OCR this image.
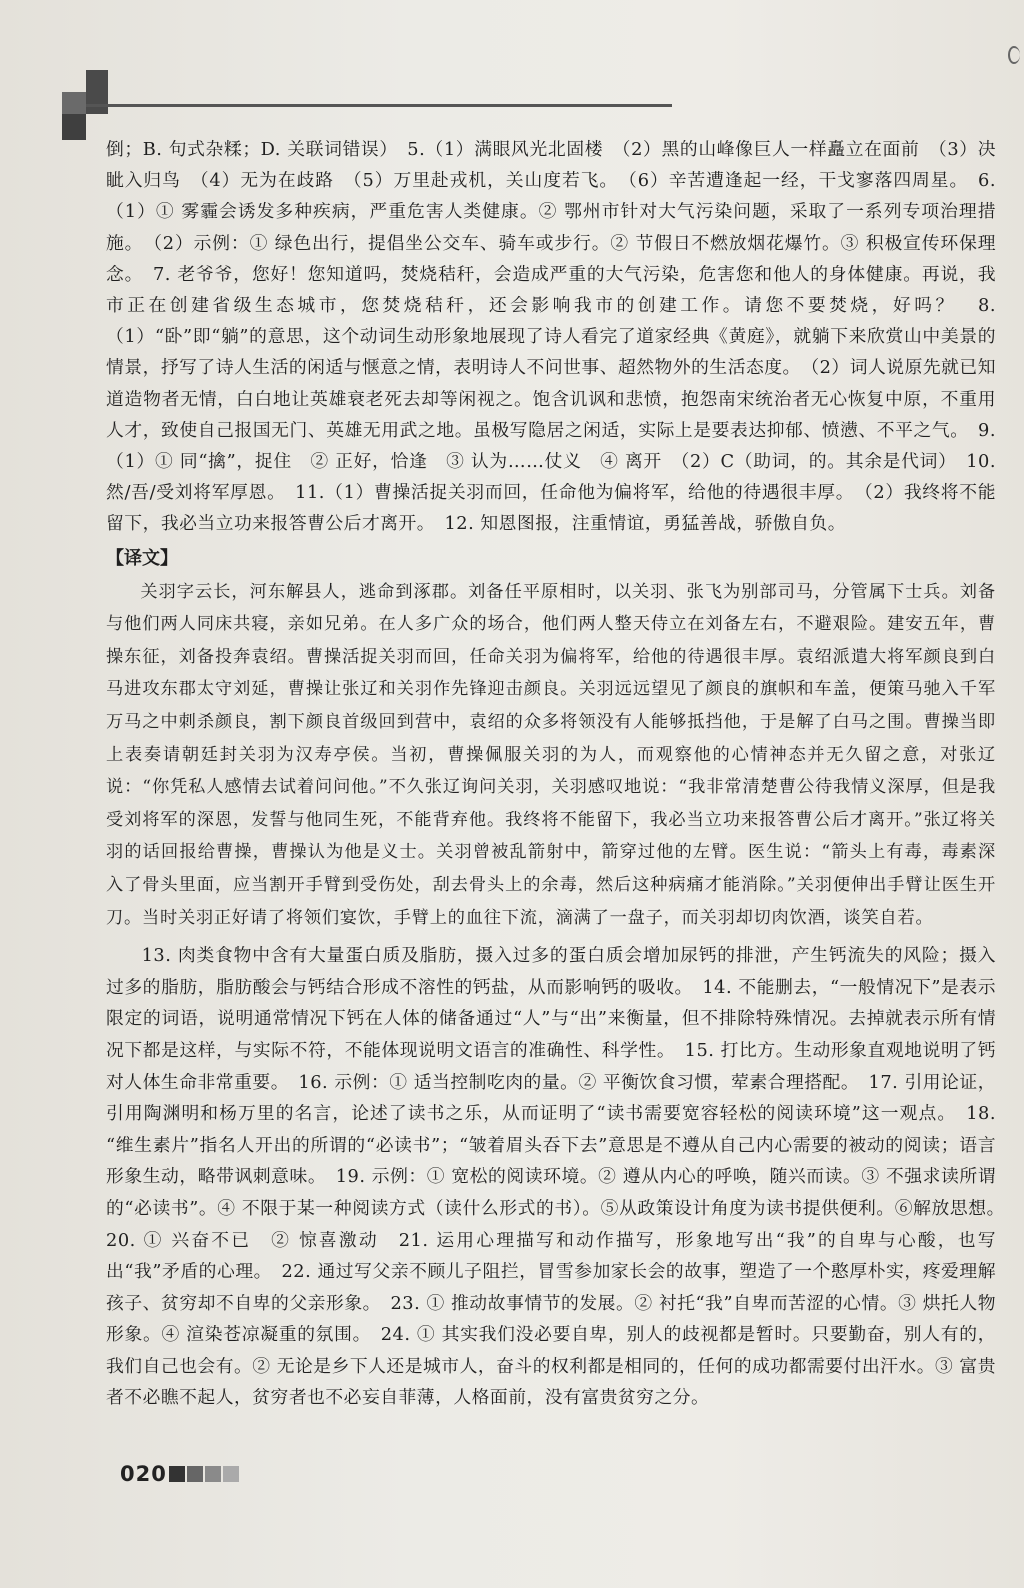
倒；B. 句式杂糅；D. 关联词错误）　5.（1）满眼风光北固楼　（2）黑的山峰像巨人一样矗立在面前　（3）决眦入归鸟　（4）无为在歧路　（5）万里赴戎机，关山度若飞。　（6）辛苦遭逢起一经，干戈寥落四周星。　6.（1）① 雾霾会诱发多种疾病，严重危害人类健康。② 鄂州市针对大气污染问题，采取了一系列专项治理措施。　（2）示例：① 绿色出行，提倡坐公交车、骑车或步行。② 节假日不燃放烟花爆竹。③ 积极宣传环保理念。　7. 老爷爷，您好！您知道吗，焚烧秸秆，会造成严重的大气污染，危害您和他人的身体健康。再说，我市正在创建省级生态城市，您焚烧秸秆，还会影响我市的创建工作。请您不要焚烧，好吗？　8.（1）“卧”即“躺”的意思，这个动词生动形象地展现了诗人看完了道家经典《黄庭》，就躺下来欣赏山中美景的情景，抒写了诗人生活的闲适与惬意之情，表明诗人不问世事、超然物外的生活态度。　（2）词人说原先就已知道造物者无情，白白地让英雄衰老死去却等闲视之。饱含讥讽和悲愤，抱怨南宋统治者无心恢复中原，不重用人才，致使自己报国无门、英雄无用武之地。虽极写隐居之闲适，实际上是要表达抑郁、愤懑、不平之气。　9.（1）① 同“擒”，捉住　② 正好，恰逢　③ 认为……仗义　④ 离开　（2）C（助词，的。其余是代词）　10. 然/吾/受刘将军厚恩。　11.（1）曹操活捉关羽而回，任命他为偏将军，给他的待遇很丰厚。　（2）我终将不能留下，我必当立功来报答曹公后才离开。　12. 知恩图报，注重情谊，勇猛善战，骄傲自负。

【译文】

关羽字云长，河东解县人，逃命到涿郡。刘备任平原相时，以关羽、张飞为别部司马，分管属下士兵。刘备与他们两人同床共寝，亲如兄弟。在人多广众的场合，他们两人整天侍立在刘备左右，不避艰险。建安五年，曹操东征，刘备投奔袁绍。曹操活捉关羽而回，任命关羽为偏将军，给他的待遇很丰厚。袁绍派遣大将军颜良到白马进攻东郡太守刘延，曹操让张辽和关羽作先锋迎击颜良。关羽远远望见了颜良的旗帜和车盖，便策马驰入千军万马之中刺杀颜良，割下颜良首级回到营中，袁绍的众多将领没有人能够抵挡他，于是解了白马之围。曹操当即上表奏请朝廷封关羽为汉寿亭侯。当初，曹操佩服关羽的为人，而观察他的心情神态并无久留之意，对张辽说：“你凭私人感情去试着问问他。”不久张辽询问关羽，关羽感叹地说：“我非常清楚曹公待我情义深厚，但是我受刘将军的深恩，发誓与他同生死，不能背弃他。我终将不能留下，我必当立功来报答曹公后才离开。”张辽将关羽的话回报给曹操，曹操认为他是义士。关羽曾被乱箭射中，箭穿过他的左臂。医生说：“箭头上有毒，毒素深入了骨头里面，应当割开手臂到受伤处，刮去骨头上的余毒，然后这种病痛才能消除。”关羽便伸出手臂让医生开刀。当时关羽正好请了将领们宴饮，手臂上的血往下流，滴满了一盘子，而关羽却切肉饮酒，谈笑自若。

13. 肉类食物中含有大量蛋白质及脂肪，摄入过多的蛋白质会增加尿钙的排泄，产生钙流失的风险；摄入过多的脂肪，脂肪酸会与钙结合形成不溶性的钙盐，从而影响钙的吸收。　14. 不能删去，“一般情况下”是表示限定的词语，说明通常情况下钙在人体的储备通过“人”与“出”来衡量，但不排除特殊情况。去掉就表示所有情况下都是这样，与实际不符，不能体现说明文语言的准确性、科学性。　15. 打比方。生动形象直观地说明了钙对人体生命非常重要。　16. 示例：① 适当控制吃肉的量。② 平衡饮食习惯，荤素合理搭配。　17. 引用论证，引用陶渊明和杨万里的名言，论述了读书之乐，从而证明了“读书需要宽容轻松的阅读环境”这一观点。　18. “维生素片”指名人开出的所谓的“必读书”；“皱着眉头吞下去”意思是不遵从自己内心需要的被动的阅读；语言形象生动，略带讽刺意味。　19. 示例：① 宽松的阅读环境。② 遵从内心的呼唤，随兴而读。③ 不强求读所谓的“必读书”。④ 不限于某一种阅读方式（读什么形式的书）。⑤从政策设计角度为读书提供便利。⑥解放思想。　20. ① 兴奋不已　② 惊喜激动　21. 运用心理描写和动作描写，形象地写出“我”的自卑与心酸，也写出“我”矛盾的心理。　22. 通过写父亲不顾儿子阻拦，冒雪参加家长会的故事，塑造了一个憨厚朴实，疼爱理解孩子、贫穷却不自卑的父亲形象。　23. ① 推动故事情节的发展。② 衬托“我”自卑而苦涩的心情。③ 烘托人物形象。④ 渲染苍凉凝重的氛围。　24. ① 其实我们没必要自卑，别人的歧视都是暂时。只要勤奋，别人有的，我们自己也会有。② 无论是乡下人还是城市人，奋斗的权利都是相同的，任何的成功都需要付出汗水。③ 富贵者不必瞧不起人，贫穷者也不必妄自菲薄，人格面前，没有富贵贫穷之分。

020
